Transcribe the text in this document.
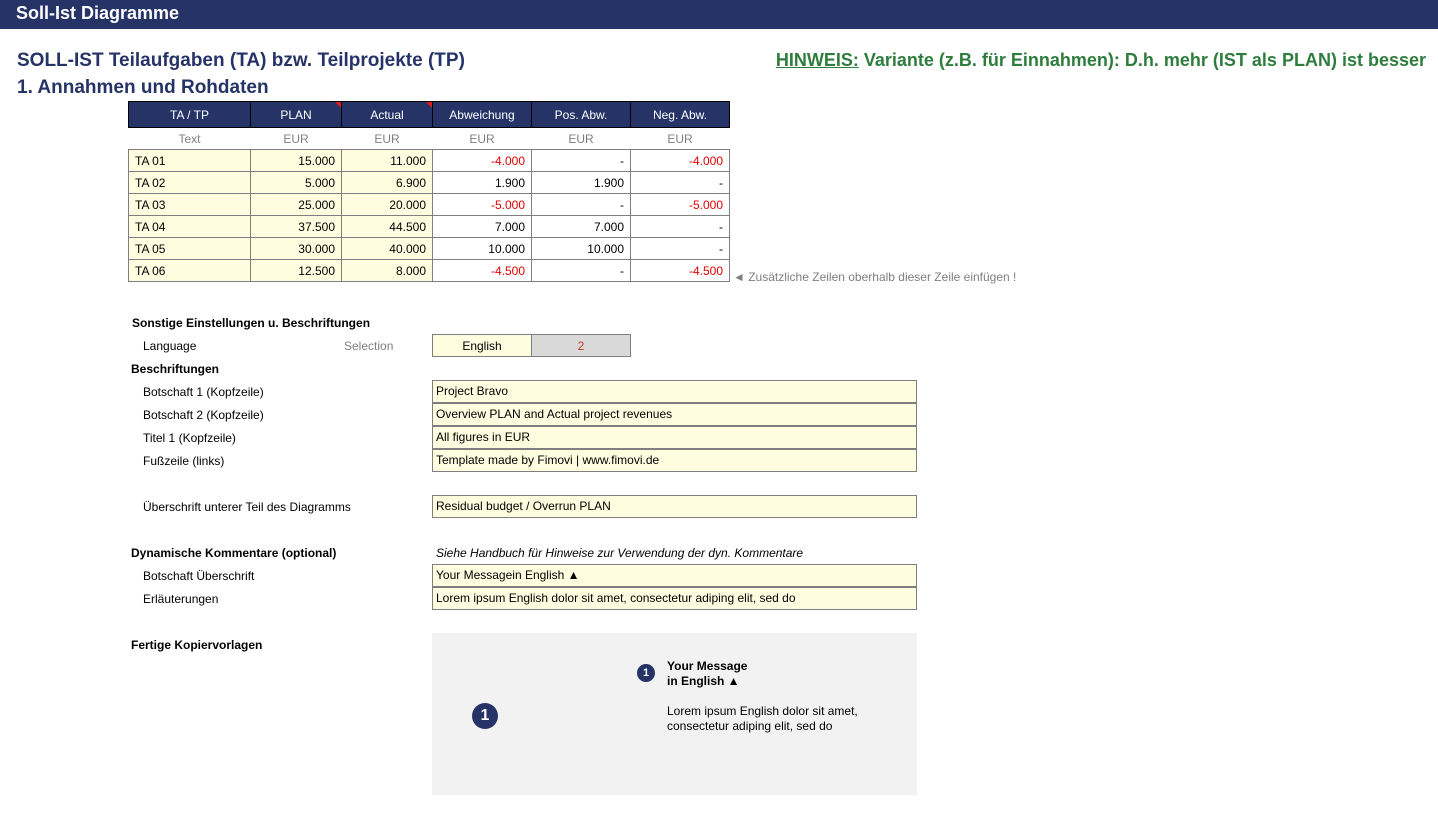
Soll-Ist Diagramme
SOLL-IST Teilaufgaben (TA) bzw. Teilprojekte (TP)
1. Annahmen und Rohdaten
HINWEIS: Variante (z.B. für Einnahmen): D.h. mehr (IST als PLAN) ist besser
TA / TP	PLAN	Actual	Abweichung	Pos. Abw.	Neg. Abw.
Text	EUR	EUR	EUR	EUR	EUR
TA 01	15.000	11.000	-4.000	-	-4.000
TA 02	5.000	6.900	1.900	1.900	-
TA 03	25.000	20.000	-5.000	-	-5.000
TA 04	37.500	44.500	7.000	7.000	-
TA 05	30.000	40.000	10.000	10.000	-
TA 06	12.500	8.000	-4.500	-	-4.500 ◄ Zusätzliche Zeilen oberhalb dieser Zeile einfügen !
Sonstige Einstellungen u. Beschriftungen
Language	Selection	English	2
Beschriftungen
Botschaft 1 (Kopfzeile)	Project Bravo
Botschaft 2 (Kopfzeile)	Overview PLAN and Actual project revenues
Titel 1 (Kopfzeile)	All figures in EUR
Fußzeile (links)	Template made by Fimovi | www.fimovi.de
Überschrift unterer Teil des Diagramms	Residual budget / Overrun PLAN
Dynamische Kommentare (optional)	Siehe Handbuch für Hinweise zur Verwendung der dyn. Kommentare
Botschaft Überschrift	Your Messagein English ▲
Erläuterungen	Lorem ipsum English dolor sit amet, consectetur adiping elit, sed do
Fertige Kopiervorlagen
1
1	Your Message
in English ▲
Lorem ipsum English dolor sit amet, consectetur adiping elit, sed do
